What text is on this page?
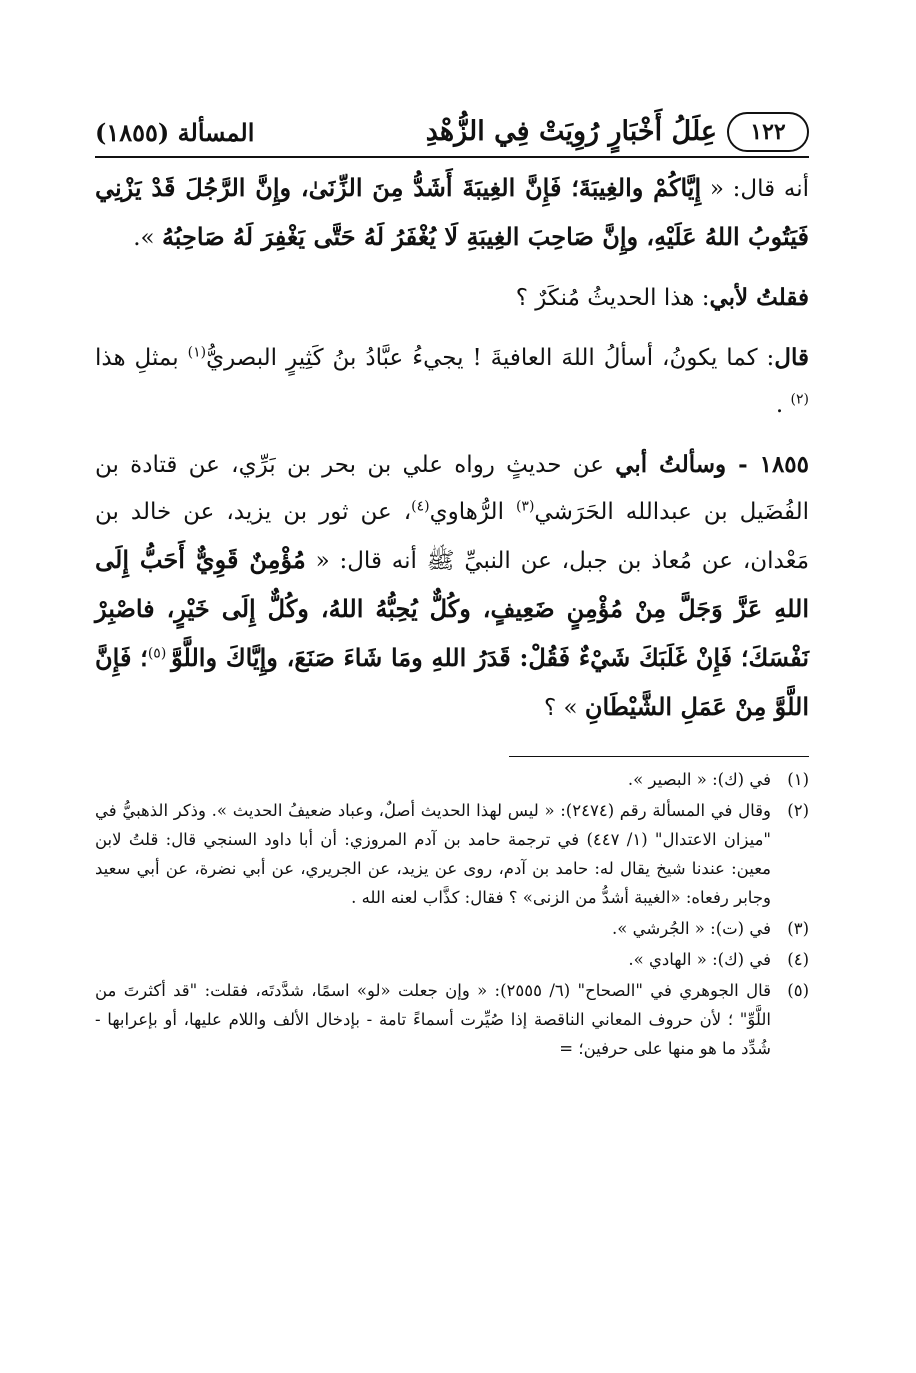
١٢٢
عِلَلُ أَخْبَارٍ رُوِيَتْ فِي الزُّهْدِ
المسألة (١٨٥٥)

أنه قال: « إِيَّاكُمْ والغِيبَةَ؛ فَإِنَّ الغِيبَةَ أَشَدُّ مِنَ الزِّنَىٰ، وإِنَّ الرَّجُلَ قَدْ يَزْنِي فَيَتُوبُ اللهُ عَلَيْهِ، وإِنَّ صَاحِبَ الغِيبَةِ لَا يُغْفَرُ لَهُ حَتَّى يَغْفِرَ لَهُ صَاحِبُهُ ».

فقلتُ لأبي: هذا الحديثُ مُنكَرٌ ؟

قال: كما يكونُ، أسألُ اللهَ العافيةَ ! يجيءُ عبَّادُ بنُ كَثِيرٍ البصريُّ$^{(١)}$ بمثلِ هذا $^{(٢)}$ .

١٨٥٥ - وسألتُ أبي عن حديثٍ رواه علي بن بحر بن بَرِّي، عن قتادة بن الفُضَيل بن عبدالله الحَرَشي$^{(٣)}$ الرُّهاوي$^{(٤)}$، عن ثور بن يزيد، عن خالد بن مَعْدان، عن مُعاذ بن جبل، عن النبيِّ ﷺ أنه قال: « مُؤْمِنٌ قَوِيٌّ أَحَبُّ إِلَى اللهِ عَزَّ وَجَلَّ مِنْ مُؤْمِنٍ ضَعِيفٍ، وكُلٌّ يُحِبُّهُ اللهُ، وكُلٌّ إِلَى خَيْرٍ، فاصْبِرْ نَفْسَكَ؛ فَإِنْ غَلَبَكَ شَيْءٌ فَقُلْ: قَدَرُ اللهِ ومَا شَاءَ صَنَعَ، وإِيَّاكَ واللَّوَّ $^{(٥)}$؛ فَإِنَّ اللَّوَّ مِنْ عَمَلِ الشَّيْطَانِ » ؟

(١)
في (ك): « البصير ».
(٢)
وقال في المسألة رقم (٢٤٧٤): « ليس لهذا الحديث أصلٌ، وعباد ضعيفُ الحديث ». وذكر الذهبيُّ في "ميزان الاعتدال" (١/ ٤٤٧) في ترجمة حامد بن آدم المروزي: أن أبا داود السنجي قال: قلتُ لابن معين: عندنا شيخ يقال له: حامد بن آدم، روى عن يزيد، عن الجريري، عن أبي نضرة، عن أبي سعيد وجابر رفعاه: «الغيبة أشدُّ من الزنى» ؟ فقال: كذَّاب لعنه الله .
(٣)
في (ت): « الجُرشي ».
(٤)
في (ك): « الهادي ».
(٥)
قال الجوهري في "الصحاح" (٦/ ٢٥٥٥): « وإن جعلت «لو» اسمًا، شدَّدتَه، فقلت: "قد أكثرتَ من اللَّوِّ" ؛ لأن حروف المعاني الناقصة إذا صُيِّرت أسماءً تامة - بإدخال الألف واللام عليها، أو بإعرابها - شُدِّد ما هو منها على حرفين؛ =
